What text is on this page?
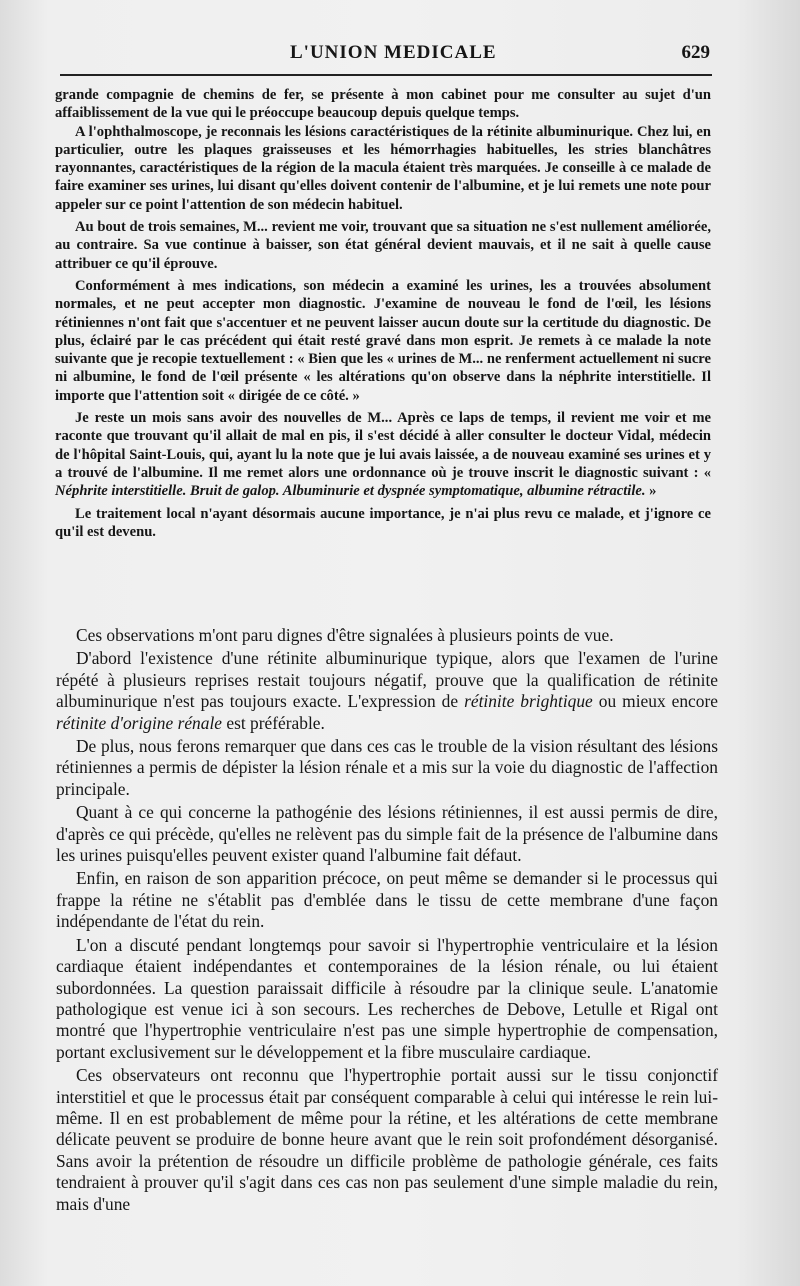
L'UNION MEDICALE	629

grande compagnie de chemins de fer, se présente à mon cabinet pour me consulter au sujet d'un affaiblissement de la vue qui le préoccupe beaucoup depuis quelque temps.

A l'ophthalmoscope, je reconnais les lésions caractéristiques de la rétinite albuminurique. Chez lui, en particulier, outre les plaques graisseuses et les hémorrhagies habituelles, les stries blanchâtres rayonnantes, caractéristiques de la région de la macula étaient très marquées. Je conseille à ce malade de faire examiner ses urines, lui disant qu'elles doivent contenir de l'albumine, et je lui remets une note pour appeler sur ce point l'attention de son médecin habituel.

Au bout de trois semaines, M... revient me voir, trouvant que sa situation ne s'est nullement améliorée, au contraire. Sa vue continue à baisser, son état général devient mauvais, et il ne sait à quelle cause attribuer ce qu'il éprouve.

Conformément à mes indications, son médecin a examiné les urines, les a trouvées absolument normales, et ne peut accepter mon diagnostic. J'examine de nouveau le fond de l'œil, les lésions rétiniennes n'ont fait que s'accentuer et ne peuvent laisser aucun doute sur la certitude du diagnostic. De plus, éclairé par le cas précédent qui était resté gravé dans mon esprit. Je remets à ce malade la note suivante que je recopie textuellement : « Bien que les « urines de M... ne renferment actuellement ni sucre ni albumine, le fond de l'œil présente « les altérations qu'on observe dans la néphrite interstitielle. Il importe que l'attention soit « dirigée de ce côté. »

Je reste un mois sans avoir des nouvelles de M... Après ce laps de temps, il revient me voir et me raconte que trouvant qu'il allait de mal en pis, il s'est décidé à aller consulter le docteur Vidal, médecin de l'hôpital Saint-Louis, qui, ayant lu la note que je lui avais laissée, a de nouveau examiné ses urines et y a trouvé de l'albumine. Il me remet alors une ordonnance où je trouve inscrit le diagnostic suivant : « Néphrite interstitielle. Bruit de galop. Albuminurie et dyspnée symptomatique, albumine rétractile. »

Le traitement local n'ayant désormais aucune importance, je n'ai plus revu ce malade, et j'ignore ce qu'il est devenu.

Ces observations m'ont paru dignes d'être signalées à plusieurs points de vue.

D'abord l'existence d'une rétinite albuminurique typique, alors que l'examen de l'urine répété à plusieurs reprises restait toujours négatif, prouve que la qualification de rétinite albuminurique n'est pas toujours exacte. L'expression de rétinite brightique ou mieux encore rétinite d'origine rénale est préférable.

De plus, nous ferons remarquer que dans ces cas le trouble de la vision résultant des lésions rétiniennes a permis de dépister la lésion rénale et a mis sur la voie du diagnostic de l'affection principale.

Quant à ce qui concerne la pathogénie des lésions rétiniennes, il est aussi permis de dire, d'après ce qui précède, qu'elles ne relèvent pas du simple fait de la présence de l'albumine dans les urines puisqu'elles peuvent exister quand l'albumine fait défaut.

Enfin, en raison de son apparition précoce, on peut même se demander si le processus qui frappe la rétine ne s'établit pas d'emblée dans le tissu de cette membrane d'une façon indépendante de l'état du rein.

L'on a discuté pendant longtemqs pour savoir si l'hypertrophie ventriculaire et la lésion cardiaque étaient indépendantes et contemporaines de la lésion rénale, ou lui étaient subordonnées. La question paraissait difficile à résoudre par la clinique seule. L'anatomie pathologique est venue ici à son secours. Les recherches de Debove, Letulle et Rigal ont montré que l'hypertrophie ventriculaire n'est pas une simple hypertrophie de compensation, portant exclusivement sur le développement et la fibre musculaire cardiaque.

Ces observateurs ont reconnu que l'hypertrophie portait aussi sur le tissu conjonctif interstitiel et que le processus était par conséquent comparable à celui qui intéresse le rein lui-même. Il en est probablement de même pour la rétine, et les altérations de cette membrane délicate peuvent se produire de bonne heure avant que le rein soit profondément désorganisé. Sans avoir la prétention de résoudre un difficile problème de pathologie générale, ces faits tendraient à prouver qu'il s'agit dans ces cas non pas seulement d'une simple maladie du rein, mais d'une
